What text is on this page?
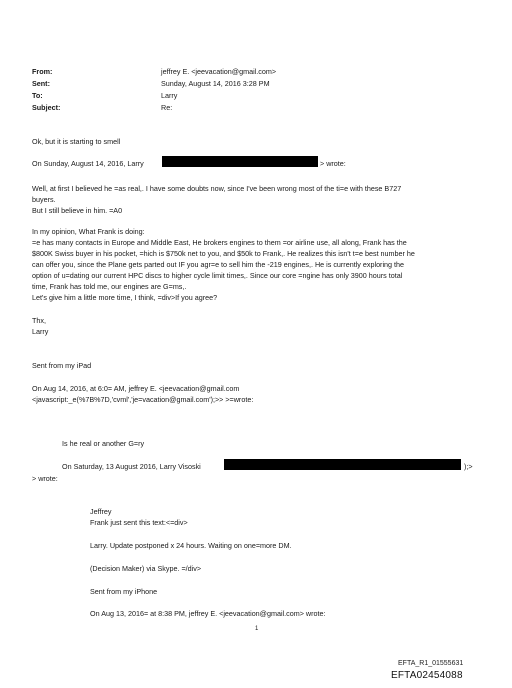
From:	jeffrey E. <jeevacation@gmail.com>
Sent:	Sunday, August 14, 2016 3:28 PM
To:	Larry
Subject:	Re:
Ok, but it is starting to smell
On Sunday, August 14, 2016, Larry	> wrote:
Well, at first I believed he =as real,. I have some doubts now, since I've been wrong most of the ti=e with these B727
buyers.
But I still believe in him. =A0
In my opinion, What Frank is doing:
=e has many contacts in Europe and Middle East, He brokers engines to them =or airline use, all along, Frank has the
$800K Swiss buyer in his pocket, =hich is $750k net to you, and $50k to Frank,. He realizes this isn't t=e best number he
can offer you, since the Plane gets parted out IF you agr=e to sell him the -219 engines,. He is currently exploring the
option of u=dating our current HPC discs to higher cycle limit times,. Since our core =ngine has only 3900 hours total
time, Frank has told me, our engines are G=ms,.
Let's give him a little more time, I think, =div>If you agree?
Thx,
Larry
Sent from my iPad
On Aug 14, 2016, at 6:0= AM, jeffrey E. <jeevacation@gmail.com
<javascript:_e(%7B%7D,'cvml','je=vacation@gmail.com');>> >=wrote:
Is he real or another G=ry
On Saturday, 13 August 2016, Larry Visoski	);>
> wrote:
Jeffrey
Frank just sent this text:<=div>
Larry. Update postponed x 24 hours. Waiting on one=more DM.
(Decision Maker) via Skype. =/div>
Sent from my iPhone
On Aug 13, 2016= at 8:38 PM, jeffrey E. <jeevacation@gmail.com> wrote:
1
EFTA_R1_01555631
EFTA02454088
